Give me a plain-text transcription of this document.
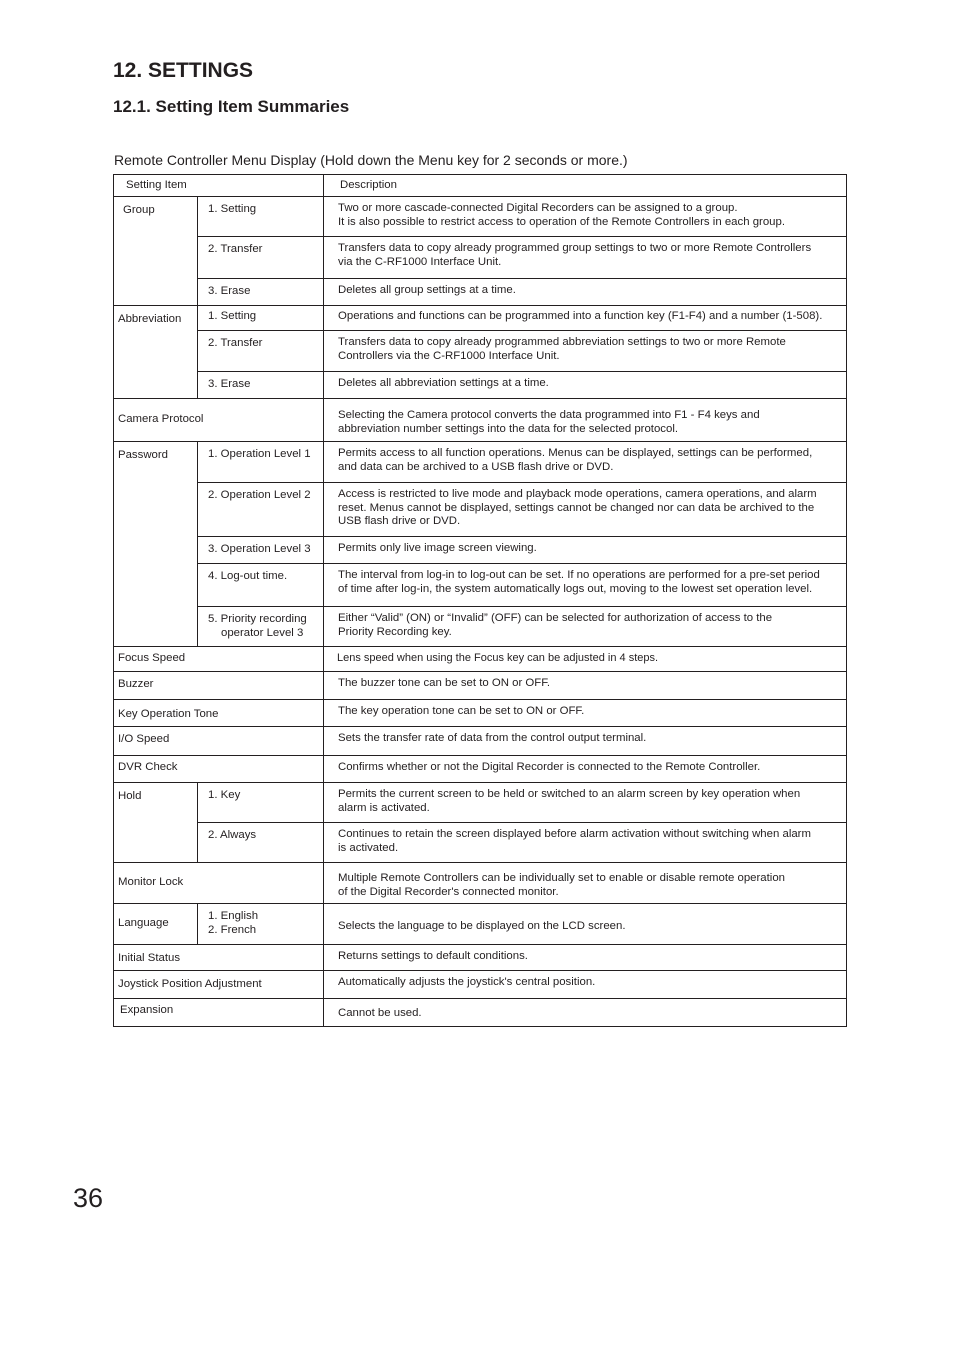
12. SETTINGS
12.1. Setting Item Summaries

Remote Controller Menu Display (Hold down the Menu key for 2 seconds or more.)

Setting Item		Description
Group	1. Setting	Two or more cascade-connected Digital Recorders can be assigned to a group.
It is also possible to restrict access to operation of the Remote Controllers in each group.

	2. Transfer	Transfers data to copy already programmed group settings to two or more Remote Controllers
via the C-RF1000 Interface Unit.

	3. Erase	Deletes all group settings at a time.
Abbreviation	1. Setting	Operations and functions can be programmed into a function key (F1-F4) and a number (1-508).
	2. Transfer	Transfers data to copy already programmed abbreviation settings to two or more Remote
Controllers via the C-RF1000 Interface Unit.

	3. Erase	Deletes all abbreviation settings at a time.
Camera Protocol		Selecting the Camera protocol converts the data programmed into F1 - F4 keys and
abbreviation number settings into the data for the selected protocol.

Password	1. Operation Level 1	Permits access to all function operations. Menus can be displayed, settings can be performed,
and data can be archived to a USB flash drive or DVD.

	2. Operation Level 2	Access is restricted to live mode and playback mode operations, camera operations, and alarm
reset. Menus cannot be displayed, settings cannot be changed nor can data be archived to the
USB flash drive or DVD.

	3. Operation Level 3	Permits only live image screen viewing.
	4. Log-out time.	The interval from log-in to log-out can be set. If no operations are performed for a pre-set period
of time after log-in, the system automatically logs out, moving to the lowest set operation level.

	5. Priority recording
operator Level 3	Either “Valid” (ON) or “Invalid” (OFF) can be selected for authorization of access to the
Priority Recording key.

Focus Speed		Lens speed when using the Focus key can be adjusted in 4 steps.
Buzzer		The buzzer tone can be set to ON or OFF.
Key Operation Tone		The key operation tone can be set to ON or OFF.
I/O Speed		Sets the transfer rate of data from the control output terminal.
DVR Check		Confirms whether or not the Digital Recorder is connected to the Remote Controller.
Hold	1. Key	Permits the current screen to be held or switched to an alarm screen by key operation when
alarm is activated.

	2. Always	Continues to retain the screen displayed before alarm activation without switching when alarm
is activated.

Monitor Lock		Multiple Remote Controllers can be individually set to enable or disable remote operation
of the Digital Recorder's connected monitor.

Language	1. English
2. French	Selects the language to be displayed on the LCD screen.
Initial Status		Returns settings to default conditions.
Joystick Position Adjustment		Automatically adjusts the joystick's central position.
Expansion		Cannot be used.

36
